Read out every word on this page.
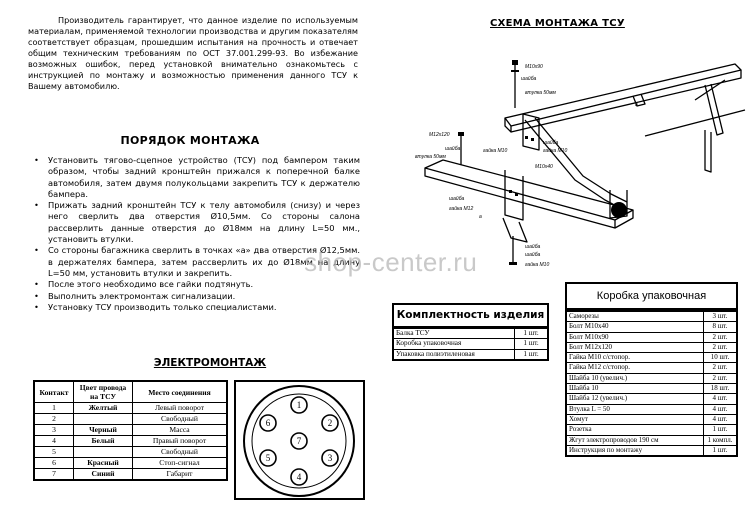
Производитель гарантирует, что данное изделие по используемым материалам, применяемой технологии производства и другим показателям соответствует образцам, прошедшим испытания на прочность и отвечает общим техническим требованиям по ОСТ 37.001.299-93. Во избежание возможных ошибок, перед установкой внимательно ознакомьтесь с инструкцией по монтажу и возможностью применения данного ТСУ к Вашему автомобилю.
ПОРЯДОК МОНТАЖА
• Установить тягово-сцепное устройство (ТСУ) под бампером таким образом, чтобы задний кронштейн прижался к поперечной балке автомобиля, затем двумя полукольцами закрепить ТСУ к держателю бампера.
• Прижать задний кронштейн ТСУ к телу автомобиля (снизу) и через него сверлить два отверстия Ø10,5мм. Со стороны салона рассверлить данные отверстия до Ø18мм на длину L=50 мм., установить втулки.
• Со стороны багажника сверлить в точках «а» два отверстия Ø12,5мм. в держателях бампера, затем рассверлить их до Ø18мм на длину L=50 мм, установить втулки и закрепить.
• После этого необходимо все гайки подтянуть.
• Выполнить электромонтаж сигнализации.
• Установку ТСУ производить только специалистами.
ЭЛЕКТРОМОНТАЖ
Контакт	Цвет провода на ТСУ	Место соединения
1	Желтый	Левый поворот
2		Свободный
3	Черный	Масса
4	Белый	Правый поворот
5		Свободный
6	Красный	Стоп-сигнал
7	Синий	Габарит
1
2
3
4
5
6
7
СХЕМА МОНТАЖА ТСУ
M10x90
шайба
втулка 50мм
M12x120
шайба
втулка 50мм
гайка M10
шайба
гайка M10
M10x40
шайба
гайка M12
шайба
шайба
гайка M10
а
а
-shop-center.ru
Комплектность изделия
Балка ТСУ	1 шт.
Коробка упаковочная	1 шт.
Упаковка полиэтиленовая	1 шт.
Коробка упаковочная
Саморезы	3 шт.
Болт M10x40	8 шт.
Болт M10x90	2 шт.
Болт M12x120	2 шт.
Гайка M10 с/стопор.	10 шт.
Гайка M12 с/стопор.	2 шт.
Шайба 10 (увелич.)	2 шт.
Шайба 10	18 шт.
Шайба 12 (увелич.)	4 шт.
Втулка L = 50	4 шт.
Хомут	4 шт.
Розетка	1 шт.
Жгут электропроводов 190 см	1 компл.
Инструкция по монтажу	1 шт.
